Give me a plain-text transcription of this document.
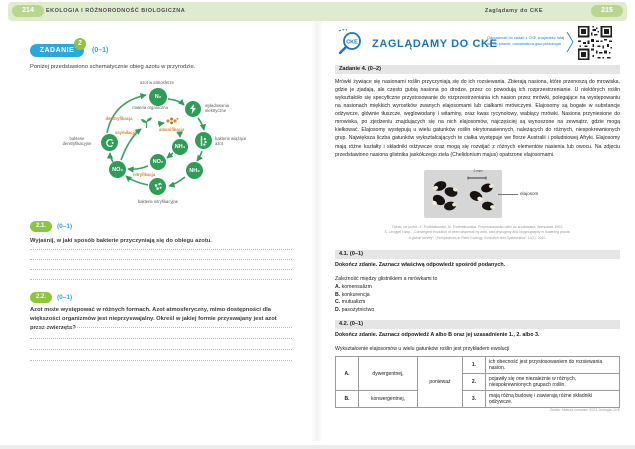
214	EKOLOGIA I RÓŻNORODNOŚĆ BIOLOGICZNA	Zaglądamy do CKE	215
ZADANIE
2
(0–1)
Poniżej przedstawiono schematycznie obieg azotu w przyrodzie.
N₂
NH₃
NH₄
NO₂
NO₃
azot w atmosferze
wyładowania elektryczne
bakterie wiążące azot
bakterie nitryfikacyjne
bakterie denitryfikacyjne
materia organiczna
denitryfikacja
asymilacja
amonifikacja
nitryfikacja
2.1.	(0–1)
Wyjaśnij, w jaki sposób bakterie przyczyniają się do obiegu azotu.
2.2.	(0–1)
Azot może występować w różnych formach. Azot atmosferyczny, mimo dostępności dla większości organizmów jest nieprzyswajalny. Określ w jakiej formie przyswajany jest azot przez zwierzęta?
CKE ZAGLĄDAMY DO CKE
Odpowiedzi do zadań z CKE znajdziesz tutaj
lub na stronie: nowamatura.gwo.pl/biologia
Zadanie 4. (0–2)
Mrówki żywiące się nasionami roślin przyczyniają się do ich rozsiewania. Zbierają nasiona, które przenoszą do mrowiska, gdzie je zjadają, ale często gubią nasiona po drodze, przez co powodują ich rozprzestrzenianie. U niektórych roślin wykształciło się specyficzne przystosowanie do rozprzestrzeniania ich nasion przez mrówki, polegające na występowaniu na nasionach miękkich wyrostków zwanych elajosomami lub ciałkami mrówczymi. Elajosomy są bogate w substancje odżywcze, głównie tłuszcze, węglowodany i witaminy, oraz kwas rycynolowy, wabiący mrówki. Nasiona przyniesione do mrowiska, po zjedzeniu znajdujących się na nich elajosomów, najczęściej są wynoszone na zewnątrz, gdzie mogą kiełkować. Elajosomy występują u wielu gatunków roślin okrytonasiennych, należących do różnych, niespokrewnionych grup. Największa liczba gatunków wykształcających te ciałka występuje we florze Australii i południowej Afryki. Elajosomy mają różne kształty i składniki odżywcze oraz mogą się rozwijać z różnych elementów nasienia lub owocu. Na zdjęciu przedstawiono nasiona glistnika jaskółczego ziela (Chelidonium majus) opatrzone elajosomami.
2 mm
elajosom
Oprac. na podst.: Z. Podbielkowski, M. Podbielkowska, Przystosowania roślin do środowiska, Warszawa 1992;
S. Lengyel i wsp., „Convergent evolution of seed dispersal by ants, and phylogeny and biogeography in flowering plants:
A global survey”, „Perspectives in Plant Ecology, Evolution and Systematics” 12(1), 2010.
4.1. (0–1)
Dokończ zdanie. Zaznacz właściwą odpowiedź spośród podanych.
Zależność między glistnikiem a mrówkami to
A. komensalizm
B. konkurencja
C. mutualizm
D. pasożytnictwo
4.2. (0–1)
Dokończ zdanie. Zaznacz odpowiedź A albo B oraz jej uzasadnienie 1., 2. albo 3.
Wykształcenie elajosomów u wielu gatunków roślin jest przykładem ewolucji
A.	dywergentnej,	ponieważ	1.	ich obecność jest przystosowaniem do rozsiewania nasion.
			2.	pojawiły się one niezależnie w różnych, niespokrewnionych grupach roślin.
B.	konwergentnej,		3.	mają różną budowę i zawierają różne składniki odżywcze.
Źródło: Matura czerwiec 2023, biologia CKE
